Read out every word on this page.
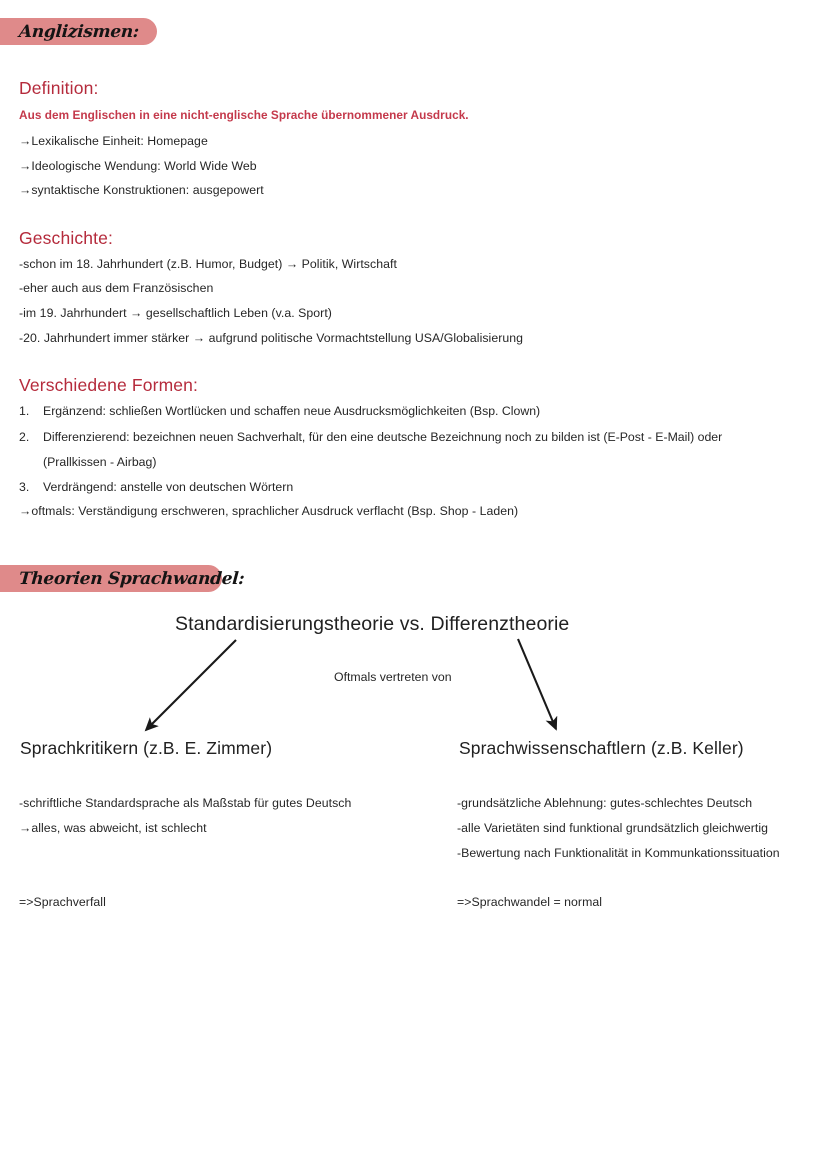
Anglizismen:
Definition:
Aus dem Englischen in eine nicht-englische Sprache übernommener Ausdruck.
→Lexikalische Einheit: Homepage
→Ideologische Wendung: World Wide Web
→syntaktische Konstruktionen: ausgepowert
Geschichte:
-schon im 18. Jahrhundert (z.B. Humor, Budget) → Politik, Wirtschaft
-eher auch aus dem Französischen
-im 19. Jahrhundert → gesellschaftlich Leben (v.a. Sport)
-20. Jahrhundert immer stärker → aufgrund politische Vormachtstellung USA/Globalisierung
Verschiedene Formen:
1. Ergänzend: schließen Wortlücken und schaffen neue Ausdrucksmöglichkeiten (Bsp. Clown)
2. Differenzierend: bezeichnen neuen Sachverhalt, für den eine deutsche Bezeichnung noch zu bilden ist (E-Post - E-Mail) oder
(Prallkissen - Airbag)
3. Verdrängend: anstelle von deutschen Wörtern
→oftmals: Verständigung erschweren, sprachlicher Ausdruck verflacht (Bsp. Shop - Laden)
Theorien Sprachwandel:
Standardisierungstheorie vs. Differenztheorie
Oftmals vertreten von
Sprachkritikern (z.B. E. Zimmer)
-schriftliche Standardsprache als Maßstab für gutes Deutsch
→alles, was abweicht, ist schlecht
=>Sprachverfall
Sprachwissenschaftlern (z.B. Keller)
-grundsätzliche Ablehnung: gutes-schlechtes Deutsch
-alle Varietäten sind funktional grundsätzlich gleichwertig
-Bewertung nach Funktionalität in Kommunkationssituation
=>Sprachwandel = normal
